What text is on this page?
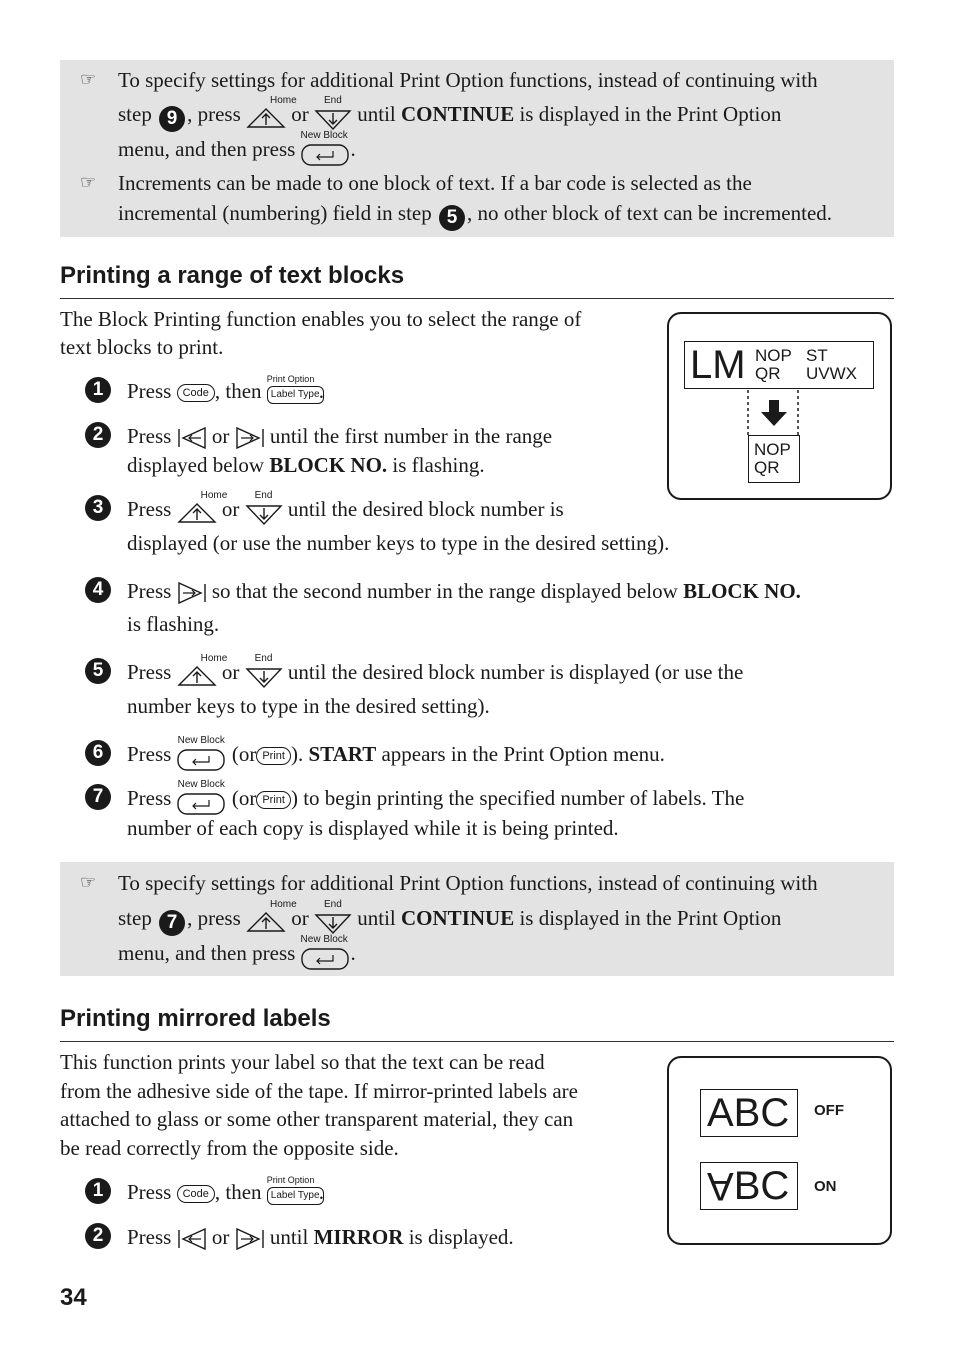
☞ To specify settings for additional Print Option functions, instead of continuing with
step 9 , press
Home
or
End
until CONTINUE is displayed in the Print Option
menu, and then press
New Block
.
☞ Increments can be made to one block of text. If a bar code is selected as the
incremental (numbering) field in step 5 , no other block of text can be incremented.
Printing a range of text blocks
The Block Printing function enables you to select the range of
text blocks to print.	LM NOP
QR
ST
UVWX
NOP
QR
1	Press Code , then Print Option
Label Type .
2	Press or until the first number in the range
displayed below BLOCK NO. is flashing.
3	Press
Home
or
End
until the desired block number is
displayed (or use the number keys to type in the desired setting).
4	Press so that the second number in the range displayed below BLOCK NO.
is flashing.
5	Press
Home
or
End
until the desired block number is displayed (or use the
number keys to type in the desired setting).
6	Press
New Block
(or Print ). START appears in the Print Option menu.
7	Press
New Block
(or Print ) to begin printing the specified number of labels. The
number of each copy is displayed while it is being printed.
☞ To specify settings for additional Print Option functions, instead of continuing with
step 7 , press
Home
or
End
until CONTINUE is displayed in the Print Option
menu, and then press
New Block
.
Printing mirrored labels
This function prints your label so that the text can be read
from the adhesive side of the tape. If mirror-printed labels are
attached to glass or some other transparent material, they can
be read correctly from the opposite side.
ABC OFF
ABC ON
1	Press Code , then Print Option
Label Type .
2	Press or until MIRROR is displayed.
34
